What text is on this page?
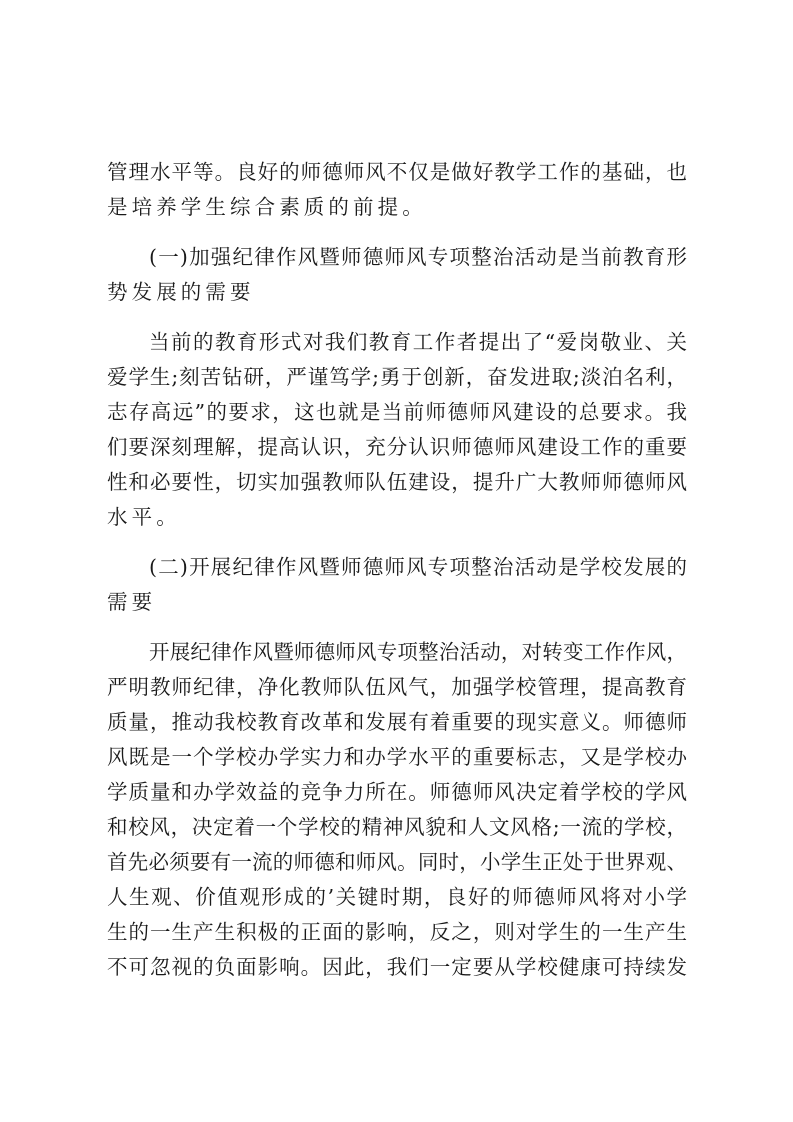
管理水平等。良好的师德师风不仅是做好教学工作的基础，也
是培养学生综合素质的前提。
(一)加强纪律作风暨师德师风专项整治活动是当前教育形
势发展的需要
当前的教育形式对我们教育工作者提出了“爱岗敬业、关
爱学生;刻苦钻研，严谨笃学;勇于创新，奋发进取;淡泊名利，
志存高远”的要求，这也就是当前师德师风建设的总要求。我
们要深刻理解，提高认识，充分认识师德师风建设工作的重要
性和必要性，切实加强教师队伍建设，提升广大教师师德师风
水平。
(二)开展纪律作风暨师德师风专项整治活动是学校发展的
需要
开展纪律作风暨师德师风专项整治活动，对转变工作作风，
严明教师纪律，净化教师队伍风气，加强学校管理，提高教育
质量，推动我校教育改革和发展有着重要的现实意义。师德师
风既是一个学校办学实力和办学水平的重要标志，又是学校办
学质量和办学效益的竞争力所在。师德师风决定着学校的学风
和校风，决定着一个学校的精神风貌和人文风格;一流的学校，
首先必须要有一流的师德和师风。同时，小学生正处于世界观、
人生观、价值观形成的’关键时期，良好的师德师风将对小学
生的一生产生积极的正面的影响，反之，则对学生的一生产生
不可忽视的负面影响。因此，我们一定要从学校健康可持续发
